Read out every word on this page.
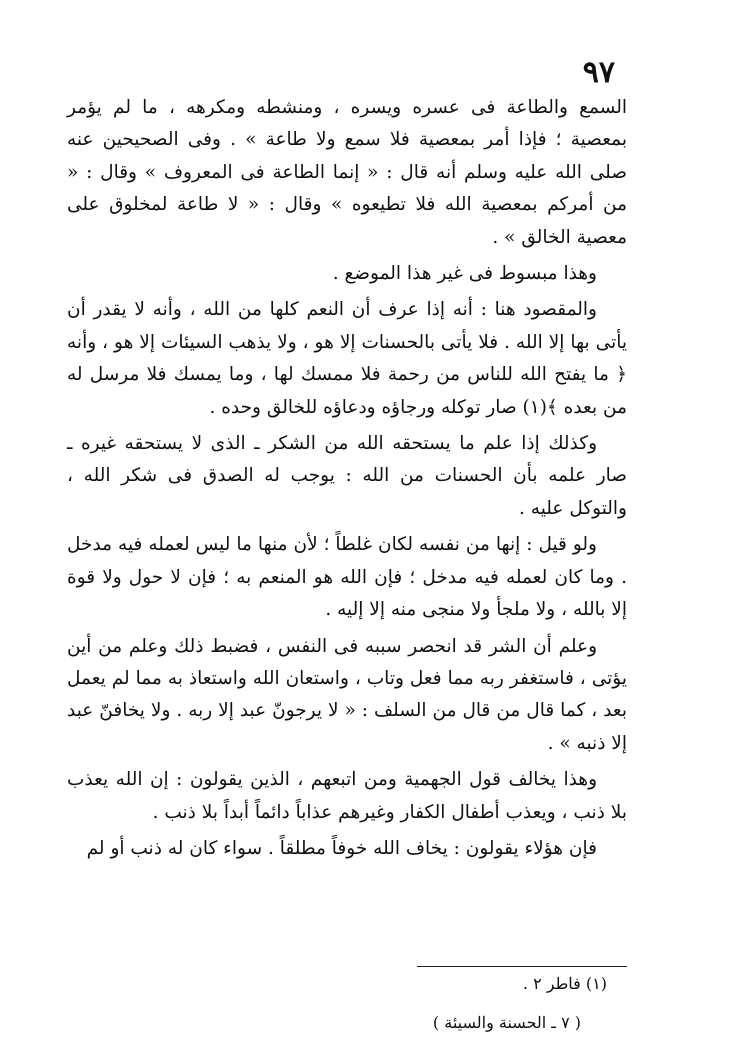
٩٧

السمع والطاعة فى عسره ويسره ، ومنشطه ومكرهه ، ما لم يؤمر بمعصية ؛ فإذا أمر بمعصية فلا سمع ولا طاعة » . وفى الصحيحين عنه صلى الله عليه وسلم أنه قال : « إنما الطاعة فى المعروف » وقال : « من أمركم بمعصية الله فلا تطيعوه » وقال : « لا طاعة لمخلوق على معصية الخالق » .

وهذا مبسوط فى غير هذا الموضع .

والمقصود هنا : أنه إذا عرف أن النعم كلها من الله ، وأنه لا يقدر أن يأتى بها إلا الله . فلا يأتى بالحسنات إلا هو ، ولا يذهب السيئات إلا هو ، وأنه ﴿ ما يفتح الله للناس من رحمة فلا ممسك لها ، وما يمسك فلا مرسل له من بعده ﴾(١) صار توكله ورجاؤه ودعاؤه للخالق وحده .

وكذلك إذا علم ما يستحقه الله من الشكر ـ الذى لا يستحقه غيره ـ صار علمه بأن الحسنات من الله : يوجب له الصدق فى شكر الله ، والتوكل عليه .

ولو قيل : إنها من نفسه لكان غلطاً ؛ لأن منها ما ليس لعمله فيه مدخل . وما كان لعمله فيه مدخل ؛ فإن الله هو المنعم به ؛ فإن لا حول ولا قوة إلا بالله ، ولا ملجأ ولا منجى منه إلا إليه .

وعلم أن الشر قد انحصر سببه فى النفس ، فضبط ذلك وعلم من أين يؤتى ، فاستغفر ربه مما فعل وتاب ، واستعان الله واستعاذ به مما لم يعمل بعد ، كما قال من قال من السلف : « لا يرجونّ عبد إلا ربه . ولا يخافنّ عبد إلا ذنبه » .

وهذا يخالف قول الجهمية ومن اتبعهم ، الذين يقولون : إن الله يعذب بلا ذنب ، ويعذب أطفال الكفار وغيرهم عذاباً دائماً أبداً بلا ذنب .

فإن هؤلاء يقولون : يخاف الله خوفاً مطلقاً . سواء كان له ذنب أو لم

(١) فاطر ٢ .
( ٧ ـ الحسنة والسيئة )
